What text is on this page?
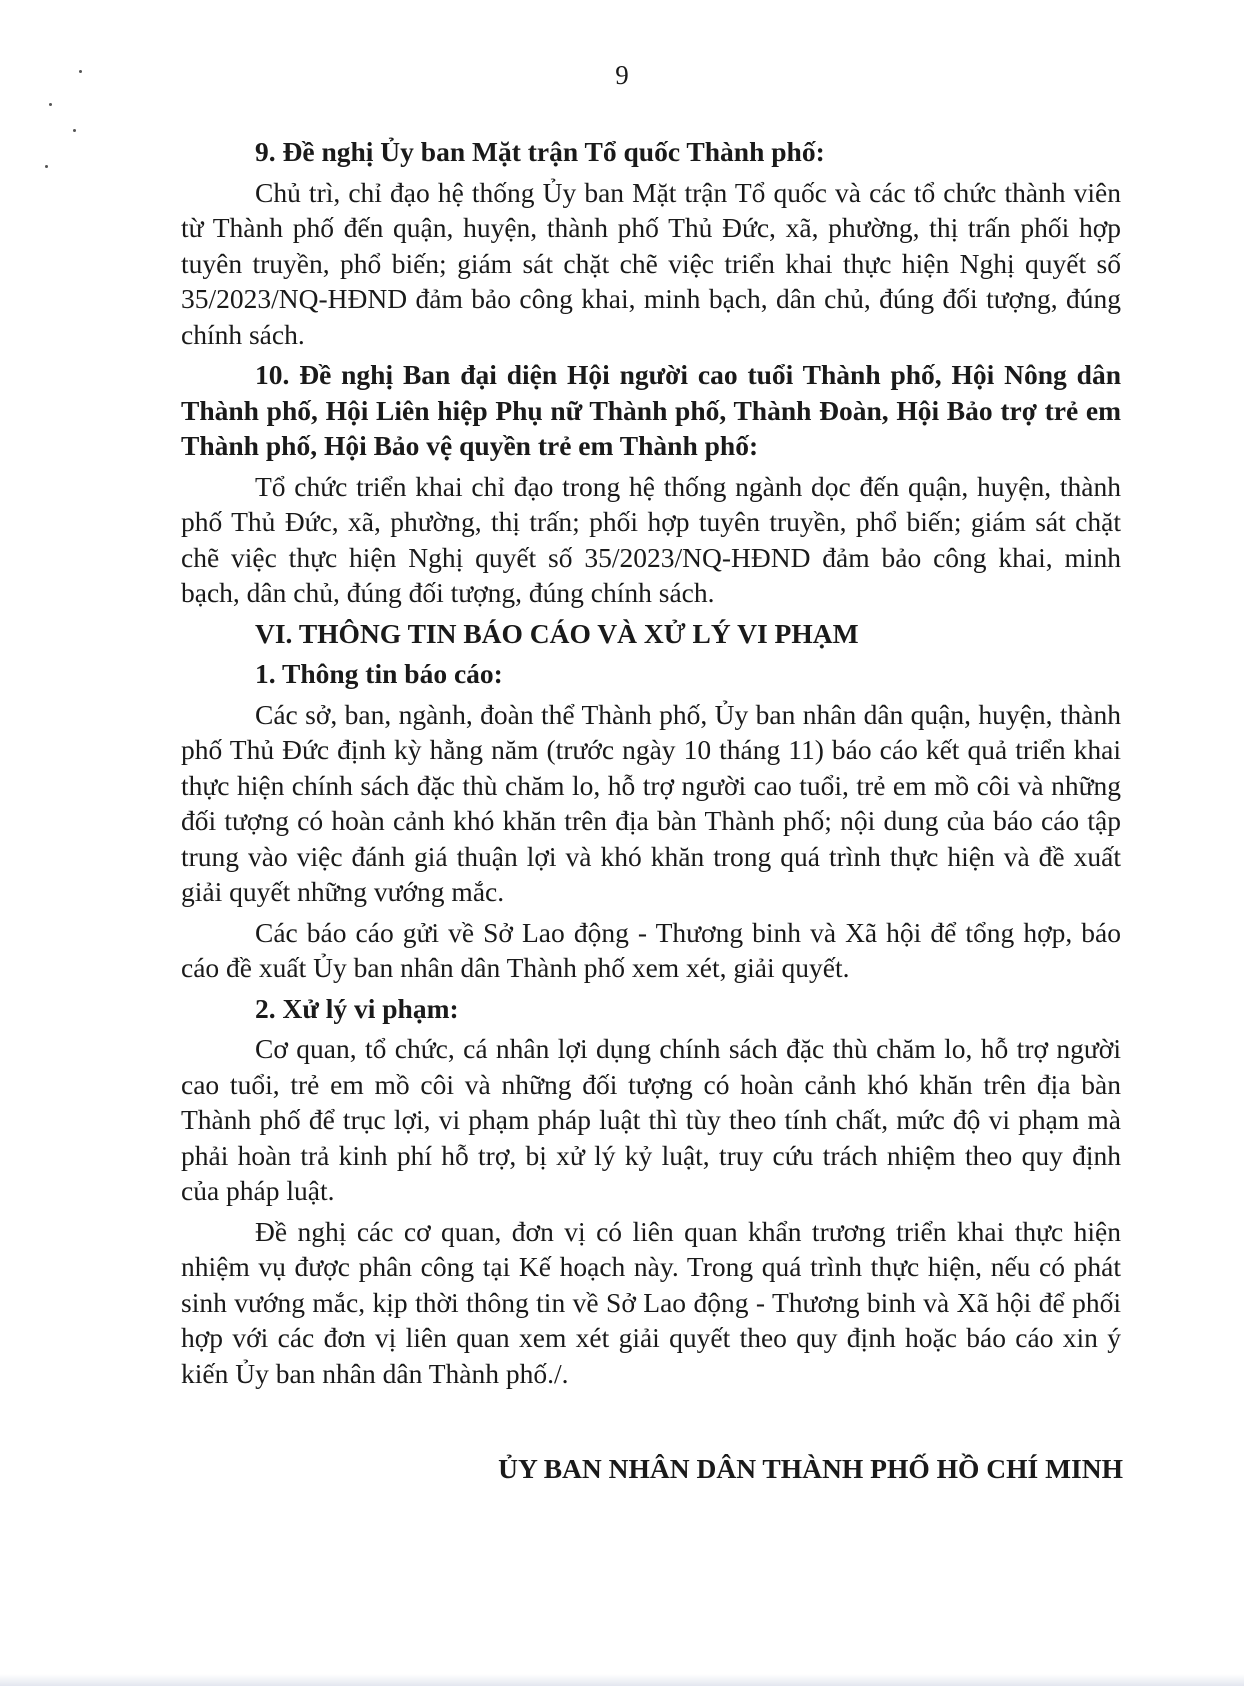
9

9. Đề nghị Ủy ban Mặt trận Tổ quốc Thành phố:

Chủ trì, chỉ đạo hệ thống Ủy ban Mặt trận Tổ quốc và các tổ chức thành viên từ Thành phố đến quận, huyện, thành phố Thủ Đức, xã, phường, thị trấn phối hợp tuyên truyền, phổ biến; giám sát chặt chẽ việc triển khai thực hiện Nghị quyết số 35/2023/NQ-HĐND đảm bảo công khai, minh bạch, dân chủ, đúng đối tượng, đúng chính sách.

10. Đề nghị Ban đại diện Hội người cao tuổi Thành phố, Hội Nông dân Thành phố, Hội Liên hiệp Phụ nữ Thành phố, Thành Đoàn, Hội Bảo trợ trẻ em Thành phố, Hội Bảo vệ quyền trẻ em Thành phố:

Tổ chức triển khai chỉ đạo trong hệ thống ngành dọc đến quận, huyện, thành phố Thủ Đức, xã, phường, thị trấn; phối hợp tuyên truyền, phổ biến; giám sát chặt chẽ việc thực hiện Nghị quyết số 35/2023/NQ-HĐND đảm bảo công khai, minh bạch, dân chủ, đúng đối tượng, đúng chính sách.

VI. THÔNG TIN BÁO CÁO VÀ XỬ LÝ VI PHẠM

1. Thông tin báo cáo:

Các sở, ban, ngành, đoàn thể Thành phố, Ủy ban nhân dân quận, huyện, thành phố Thủ Đức định kỳ hằng năm (trước ngày 10 tháng 11) báo cáo kết quả triển khai thực hiện chính sách đặc thù chăm lo, hỗ trợ người cao tuổi, trẻ em mồ côi và những đối tượng có hoàn cảnh khó khăn trên địa bàn Thành phố; nội dung của báo cáo tập trung vào việc đánh giá thuận lợi và khó khăn trong quá trình thực hiện và đề xuất giải quyết những vướng mắc.

Các báo cáo gửi về Sở Lao động - Thương binh và Xã hội để tổng hợp, báo cáo đề xuất Ủy ban nhân dân Thành phố xem xét, giải quyết.

2. Xử lý vi phạm:

Cơ quan, tổ chức, cá nhân lợi dụng chính sách đặc thù chăm lo, hỗ trợ người cao tuổi, trẻ em mồ côi và những đối tượng có hoàn cảnh khó khăn trên địa bàn Thành phố để trục lợi, vi phạm pháp luật thì tùy theo tính chất, mức độ vi phạm mà phải hoàn trả kinh phí hỗ trợ, bị xử lý kỷ luật, truy cứu trách nhiệm theo quy định của pháp luật.

Đề nghị các cơ quan, đơn vị có liên quan khẩn trương triển khai thực hiện nhiệm vụ được phân công tại Kế hoạch này. Trong quá trình thực hiện, nếu có phát sinh vướng mắc, kịp thời thông tin về Sở Lao động - Thương binh và Xã hội để phối hợp với các đơn vị liên quan xem xét giải quyết theo quy định hoặc báo cáo xin ý kiến Ủy ban nhân dân Thành phố./.

ỦY BAN NHÂN DÂN THÀNH PHỐ HỒ CHÍ MINH
